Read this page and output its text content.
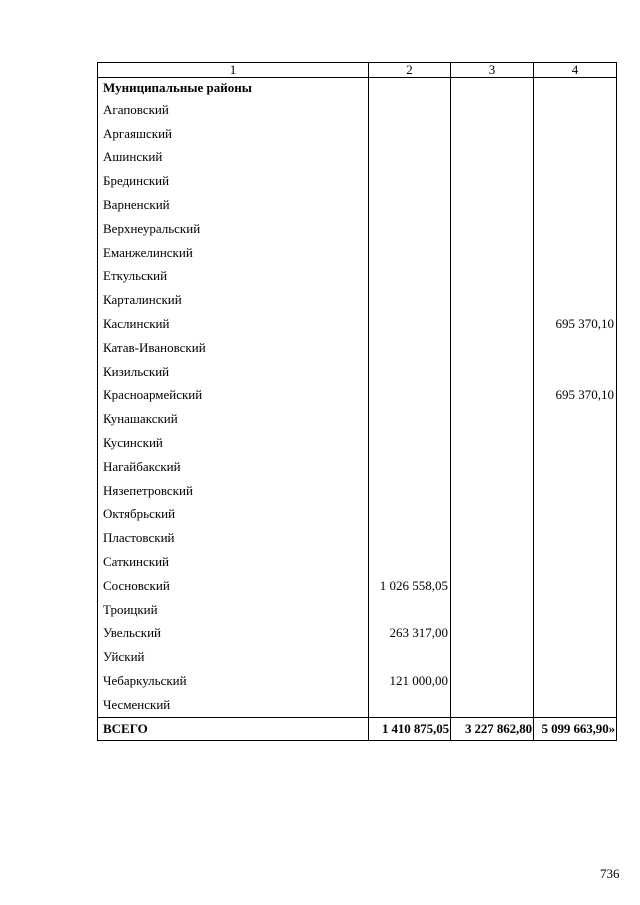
1	2	3	4
Муниципальные районы			
Агаповский			
Аргаяшский			
Ашинский			
Брединский			
Варненский			
Верхнеуральский			
Еманжелинский			
Еткульский			
Карталинский			
Каслинский			695 370,10
Катав-Ивановский			
Кизильский			
Красноармейский			695 370,10
Кунашакский			
Кусинский			
Нагайбакский			
Нязепетровский			
Октябрьский			
Пластовский			
Саткинский			
Сосновский	1 026 558,05		
Троицкий			
Увельский	263 317,00		
Уйский			
Чебаркульский	121 000,00		
Чесменский			
ВСЕГО	1 410 875,05	3 227 862,80	5 099 663,90»
736
